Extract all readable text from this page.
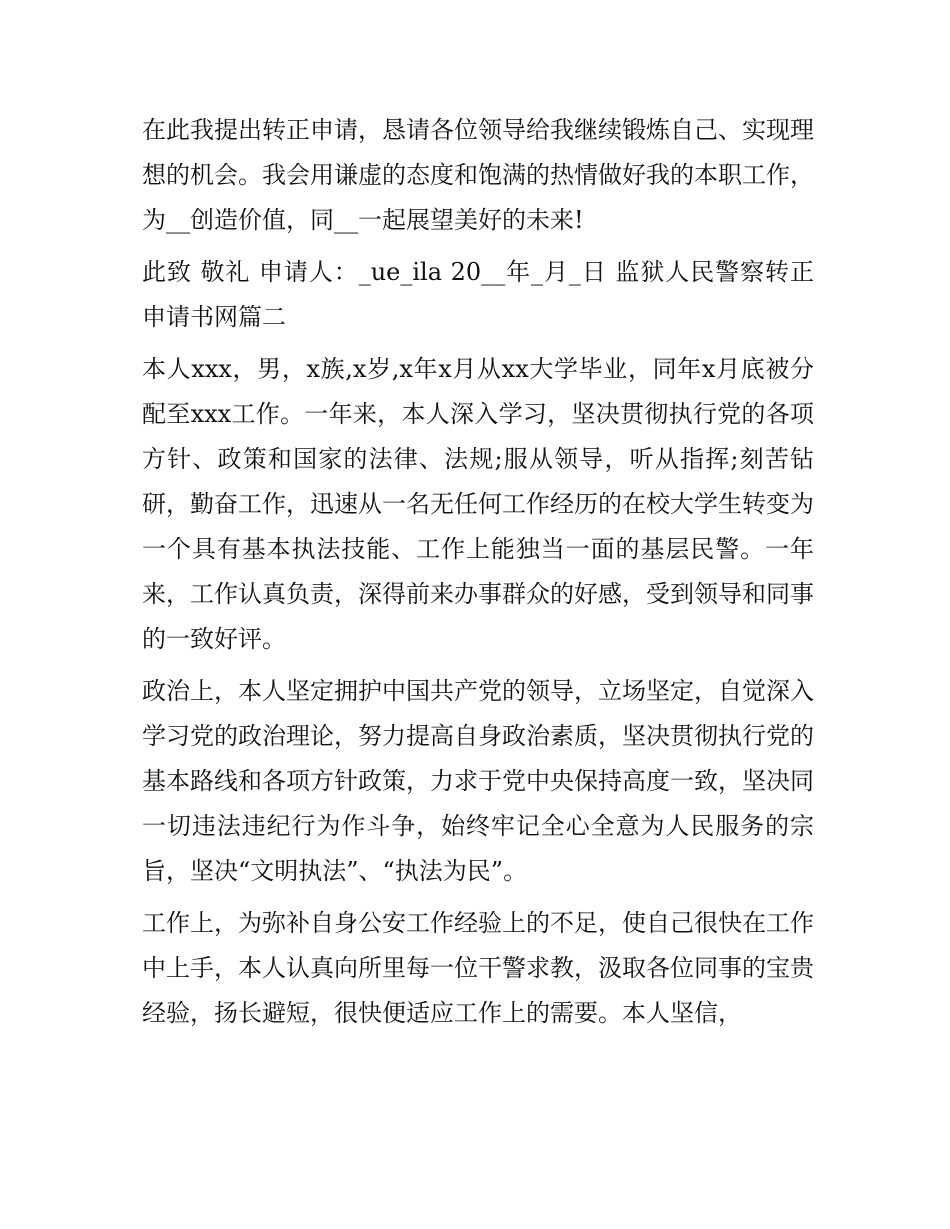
在此我提出转正申请，恳请各位领导给我继续锻炼自己、实现理想的机会。我会用谦虚的态度和饱满的热情做好我的本职工作，为__创造价值，同__一起展望美好的未来!

此致 敬礼 申请人：_ue_ila 20__年_月_日 监狱人民警察转正申请书网篇二

本人xxx，男，x族,x岁,x年x月从xx大学毕业，同年x月底被分配至xxx工作。一年来，本人深入学习，坚决贯彻执行党的各项方针、政策和国家的法律、法规;服从领导，听从指挥;刻苦钻研，勤奋工作，迅速从一名无任何工作经历的在校大学生转变为一个具有基本执法技能、工作上能独当一面的基层民警。一年来，工作认真负责，深得前来办事群众的好感，受到领导和同事的一致好评。

政治上，本人坚定拥护中国共产党的领导，立场坚定，自觉深入学习党的政治理论，努力提高自身政治素质，坚决贯彻执行党的基本路线和各项方针政策，力求于党中央保持高度一致，坚决同一切违法违纪行为作斗争，始终牢记全心全意为人民服务的宗旨，坚决“文明执法”、“执法为民”。

工作上，为弥补自身公安工作经验上的不足，使自己很快在工作中上手，本人认真向所里每一位干警求教，汲取各位同事的宝贵经验，扬长避短，很快便适应工作上的需要。本人坚信，
